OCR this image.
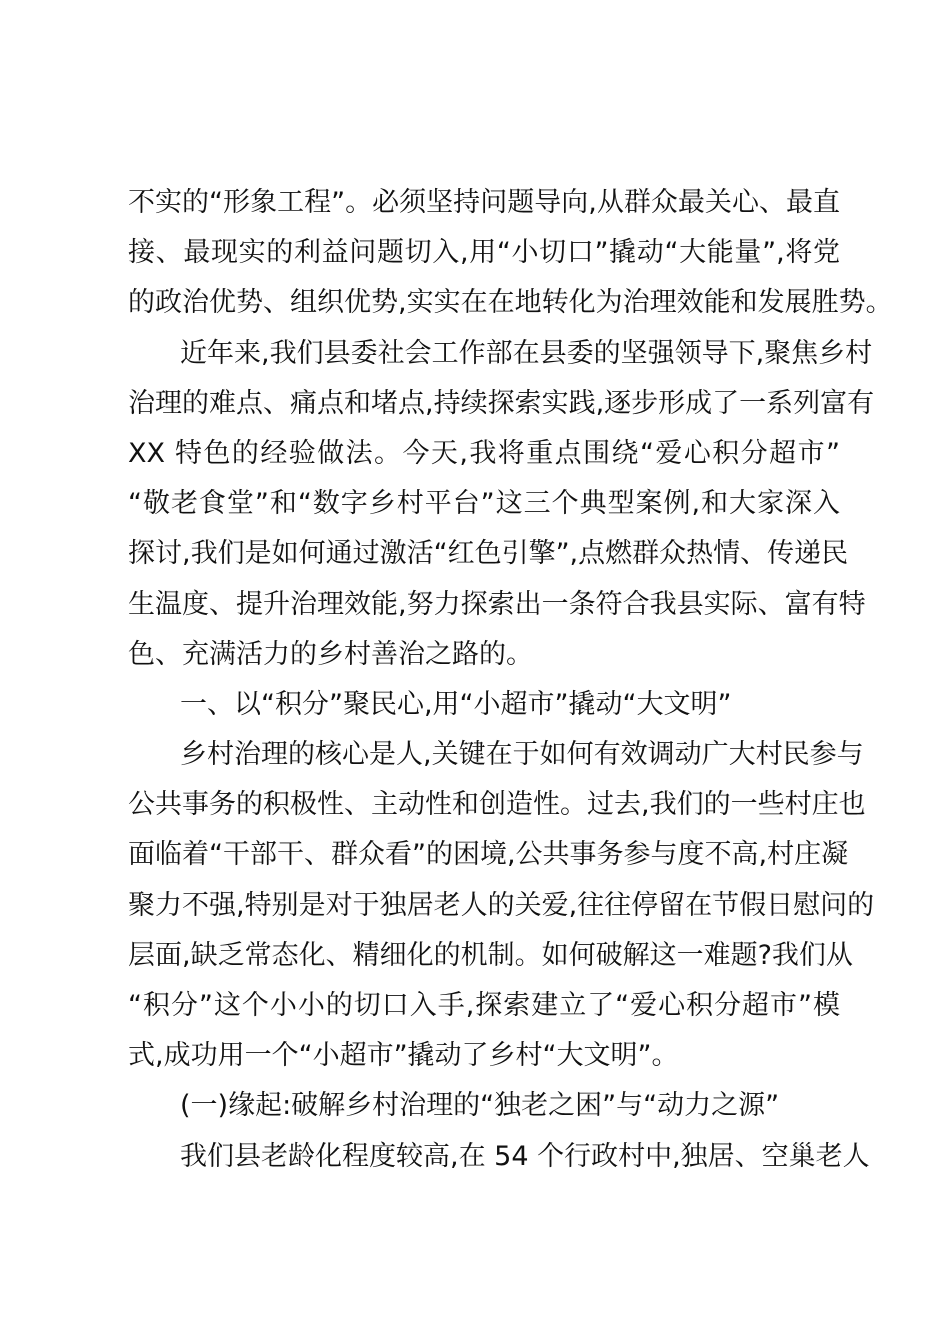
不实的“形象工程”。必须坚持问题导向,从群众最关心、最直
接、最现实的利益问题切入,用“小切口”撬动“大能量”,将党
的政治优势、组织优势,实实在在地转化为治理效能和发展胜势。
近年来,我们县委社会工作部在县委的坚强领导下,聚焦乡村
治理的难点、痛点和堵点,持续探索实践,逐步形成了一系列富有
XX 特色的经验做法。今天,我将重点围绕“爱心积分超市”
“敬老食堂”和“数字乡村平台”这三个典型案例,和大家深入
探讨,我们是如何通过激活“红色引擎”,点燃群众热情、传递民
生温度、提升治理效能,努力探索出一条符合我县实际、富有特
色、充满活力的乡村善治之路的。
一、以“积分”聚民心,用“小超市”撬动“大文明”
乡村治理的核心是人,关键在于如何有效调动广大村民参与
公共事务的积极性、主动性和创造性。过去,我们的一些村庄也
面临着“干部干、群众看”的困境,公共事务参与度不高,村庄凝
聚力不强,特别是对于独居老人的关爱,往往停留在节假日慰问的
层面,缺乏常态化、精细化的机制。如何破解这一难题?我们从
“积分”这个小小的切口入手,探索建立了“爱心积分超市”模
式,成功用一个“小超市”撬动了乡村“大文明”。
(一)缘起:破解乡村治理的“独老之困”与“动力之源”
我们县老龄化程度较高,在 54 个行政村中,独居、空巢老人
